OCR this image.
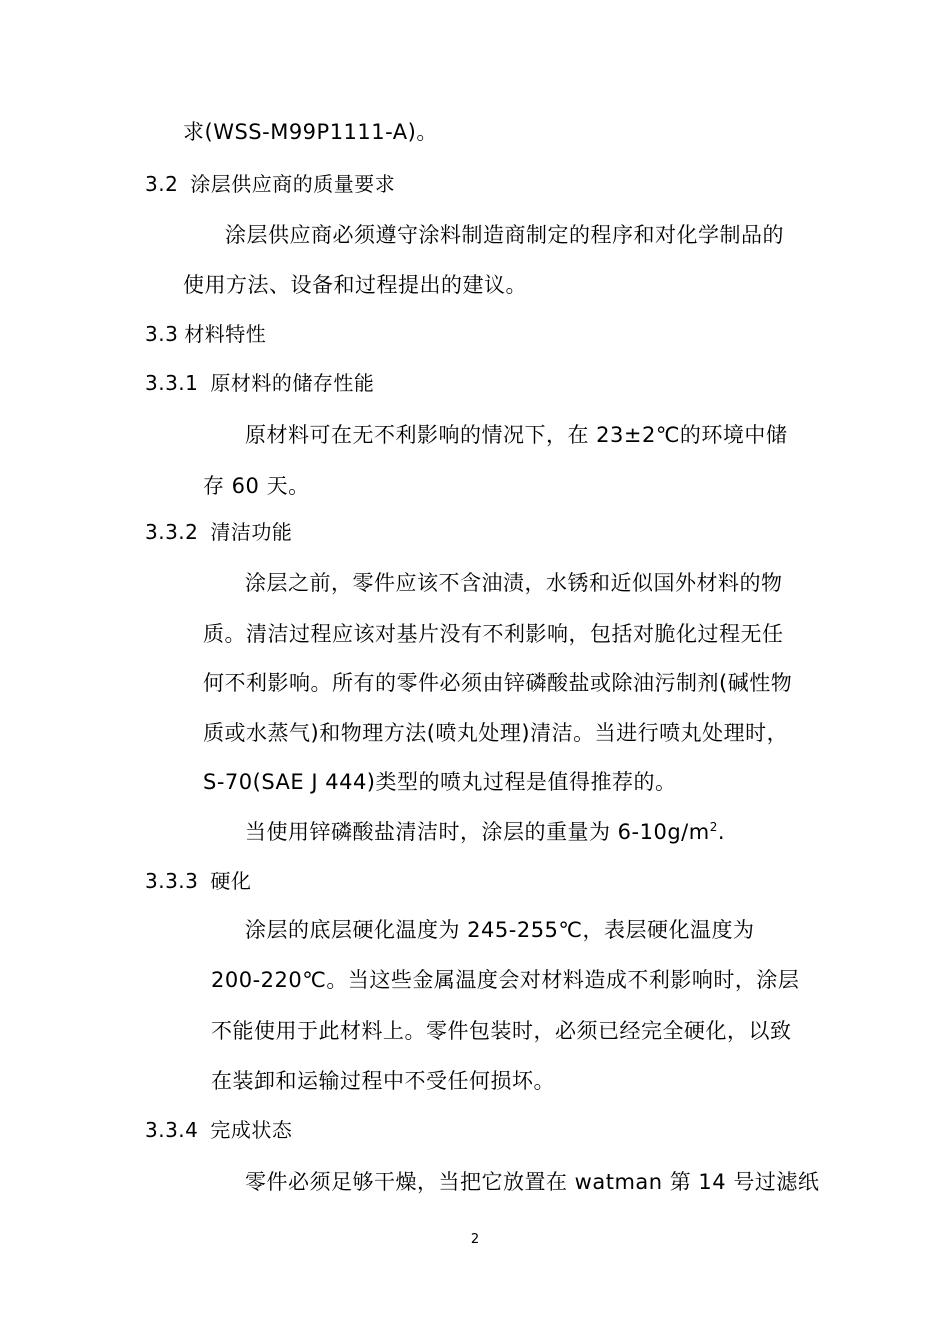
求(WSS-M99P1111-A)。
3.2 涂层供应商的质量要求
涂层供应商必须遵守涂料制造商制定的程序和对化学制品的
使用方法、设备和过程提出的建议。
3.3 材料特性
3.3.1 原材料的储存性能
原材料可在无不利影响的情况下，在 23±2℃的环境中储
存 60 天。
3.3.2 清洁功能
涂层之前，零件应该不含油渍，水锈和近似国外材料的物
质。清洁过程应该对基片没有不利影响，包括对脆化过程无任
何不利影响。所有的零件必须由锌磷酸盐或除油污制剂(碱性物
质或水蒸气)和物理方法(喷丸处理)清洁。当进行喷丸处理时，
S-70(SAE J 444)类型的喷丸过程是值得推荐的。
当使用锌磷酸盐清洁时，涂层的重量为 $6-10g/m^2$.
3.3.3 硬化
涂层的底层硬化温度为 245-255℃，表层硬化温度为
200-220℃。当这些金属温度会对材料造成不利影响时，涂层
不能使用于此材料上。零件包装时，必须已经完全硬化，以致
在装卸和运输过程中不受任何损坏。
3.3.4 完成状态
零件必须足够干燥，当把它放置在 watman 第 14 号过滤纸
2
